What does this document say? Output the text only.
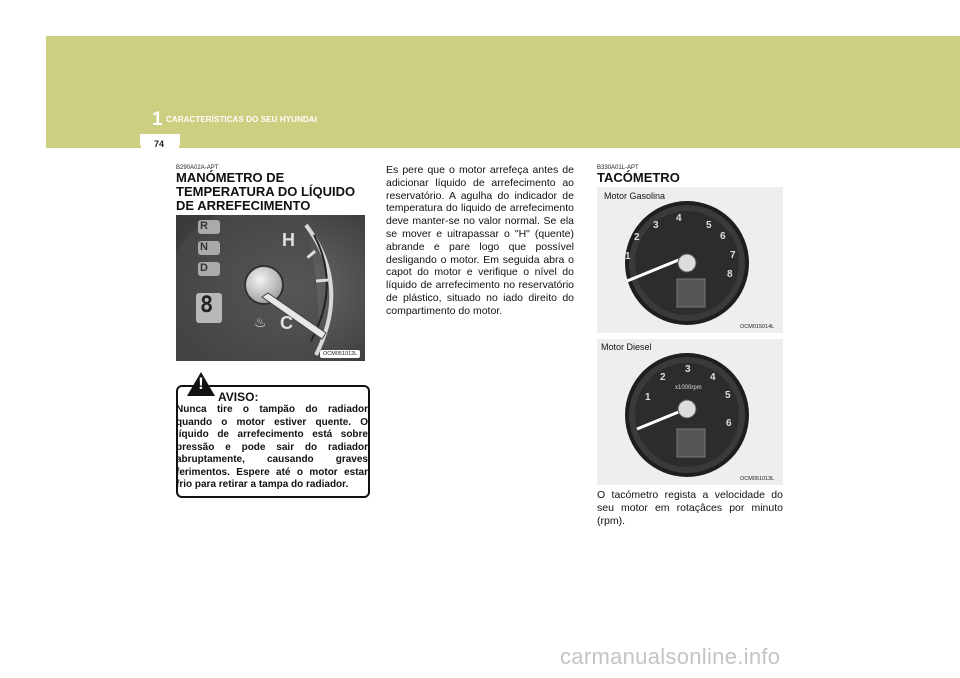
1 CARACTERÍSTICAS DO SEU HYUNDAI
74
B290A02A-APT
MANÓMETRO DE
TEMPERATURA DO LÍQUIDO
DE ARREFECIMENTO
R
N
D
8
H
C
♨
OCM051012L
!
AVISO:
Nunca tire o tampão do radiador quando o motor estiver quente. O líquido de arrefecimento está sobre pressão e pode sair do radiador abruptamente, causando graves ferimentos. Espere até o motor estar frio para retirar a tampa do radiador.
Es pere que o motor arrefeça antes de adicionar líquido de arrefecimento ao reservatório. A agulha do indicador de temperatura do liquido de arrefecimento deve manter-se no valor normal. Se ela se mover e uitrapassar o "H" (quente) abrande e pare logo que possível desligando o motor. Em seguida abra o capot do motor e verifique o nível do líquido de arrefecimento no reservatório de plástico, situado no iado direito do compartimento do motor.
B330A01L-APT
TACÓMETRO
Motor Gasolina
1
2
3
4
5
6
7
8
OCM015014L
Motor Diesel
x1000rpm
1
2
3
4
5
6
OCM051013L
O tacómetro regista a velocidade do seu motor em rotaçâces por minuto (rpm).
carmanualsonline.info
